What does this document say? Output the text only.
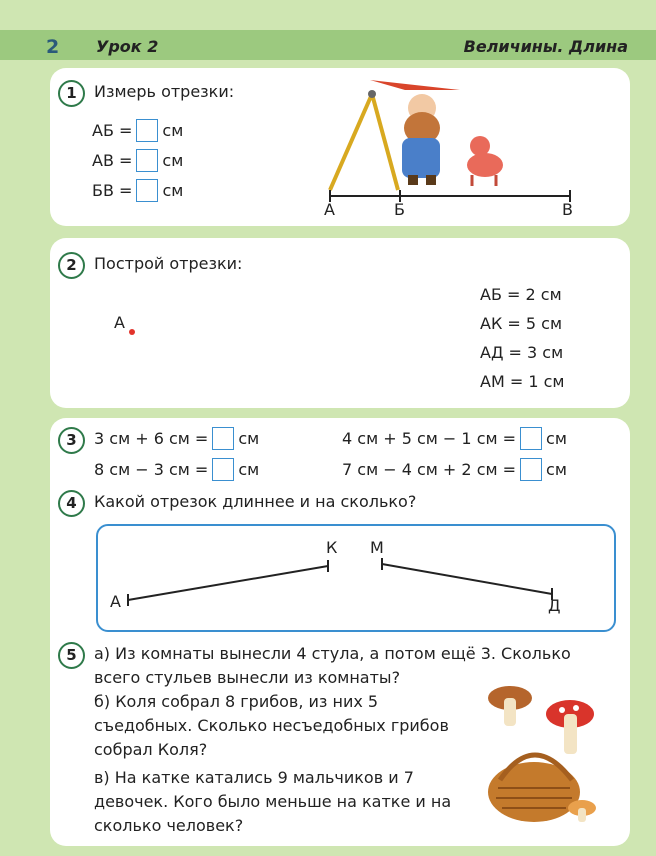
2 Урок 2	Величины. Длина
1	Измерь отрезки:
АБ = см
АВ = см
БВ = см
А	Б	В
2	Построй отрезки:
А
АБ = 2 см
АК = 5 см
АД = 3 см
АМ = 1 см
3	3 см + 6 см = см
8 см − 3 см = см
4 см + 5 см − 1 см = см
7 см − 4 см + 2 см = см
4	Какой отрезок длиннее и на сколько?
А
К М
Д
5	а) Из комнаты вынесли 4 стула, а потом ещё 3. Сколько всего стульев вынесли из комнаты?
б) Коля собрал 8 грибов, из них 5 съедобных. Сколько несъедобных грибов собрал Коля?
в) На катке катались 9 мальчиков и 7 девочек. Кого было меньше на катке и на сколько человек?
